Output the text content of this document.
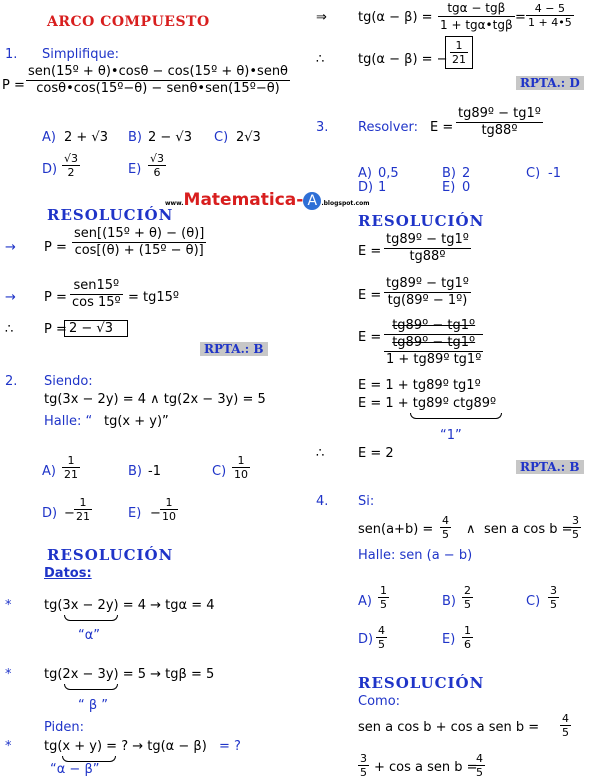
ARCO COMPUESTO
1. Simplifique:
P =
sen(15º + θ)•cosθ − cos(15º + θ)•senθ
cosθ•cos(15º−θ) − senθ•sen(15º−θ)
A) 2 + √3 B) 2 − √3 C) 2√3
$D) \frac{√3}{2}$	$E) \frac{√3}{6}$
www.Matematica- A .blogspot.com
RESOLUCIÓN
→ P =
sen[(15º + θ) − (θ)]
cos[(θ) + (15º − θ)]
→ P =
sen15º
cos 15º = tg15º
∴ P = 2 − √3
RPTA.: B
2. Siendo:
tg(3x − 2y) = 4 ∧ tg(2x − 3y) = 5
Halle: “ tg(x + y)”
$A) \frac{1}{21}$	B) -1	$C) \frac{1}{10}$
$D) - \frac{1}{21}$	$E) - \frac{1}{10}$
RESOLUCIÓN
Datos:
*	tg(3x − 2y) = 4 → tgα = 4
“α”
*	tg(2x − 3y) = 5 → tgβ = 5
“ β ”
Piden:
*	tg(x + y) = ? → tg(α − β) = ?
“α − β”
⇒ tg(α − β) =
tgα − tgβ
1 + tgα•tgβ = $\frac{4 - 5}{1 + 4•5}$
∴	tg(α − β) = −
$\frac{1}{21}$
RPTA.: D
3. Resolver: $E = \frac{\text{tg89º − tg1º}}{\text{tg88º}}$
A) 0,5	B) 2	C) -1
D) 1	E) 0
RESOLUCIÓN
$E = \frac{\text{tg89º − tg1º}}{\text{tg88º}}$
$E = \frac{\text{tg89º − tg1º}}{\text{tg(89º − 1º)}}$
E =
tg89º − tg1º
tg89º − tg1º
1 + tg89º tg1º
E = 1 + tg89º tg1º
E = 1 + tg89º ctg89º
“1”
∴	E = 2
RPTA.: B
4. Si:
$sen(a+b) = \frac{4}{5}$ ∧ sen a cos b =
$\frac{3}{5}$
Halle: sen (a − b)
$A) \frac{1}{5}$	$B) \frac{2}{5}$	$C) \frac{3}{5}$
$D) \frac{4}{5}$	$E) \frac{1}{6}$
RESOLUCIÓN
Como:
sen a cos b + cos a sen $b = \frac{4}{5}$
$\frac{3}{5} + \cos a$ sen b =
$\frac{4}{5}$
